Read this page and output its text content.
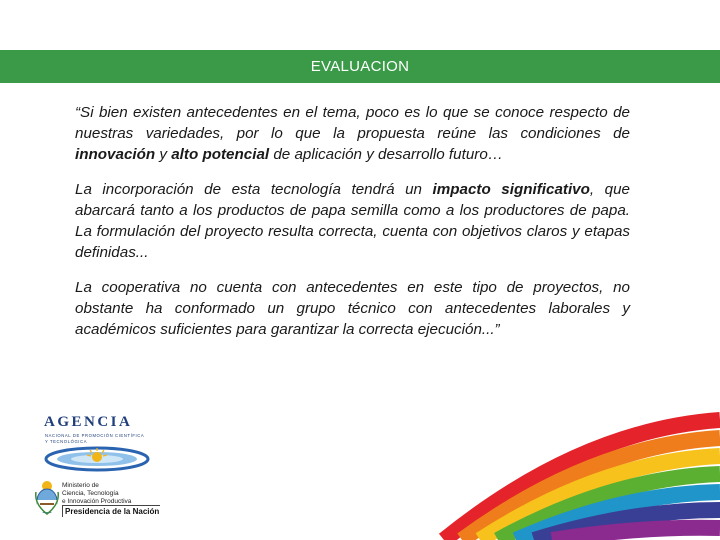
EVALUACION

“Si bien existen antecedentes en el tema, poco es lo que se conoce respecto de nuestras variedades, por lo que la propuesta reúne las condiciones de innovación y alto potencial de aplicación y desarrollo futuro…

La incorporación de esta tecnología tendrá un impacto significativo, que abarcará tanto a los productos de papa semilla como a los productores de papa. La formulación del proyecto resulta correcta, cuenta con objetivos claros y etapas definidas...

La cooperativa no cuenta con antecedentes en este tipo de proyectos, no obstante ha conformado un grupo técnico con antecedentes laborales y académicos suficientes para garantizar la correcta ejecución...”

AGENCIA
NACIONAL DE PROMOCIÓN CIENTÍFICA Y TECNOLÓGICA
Ministerio de
Ciencia, Tecnología
e Innovación Productiva
Presidencia de la Nación
